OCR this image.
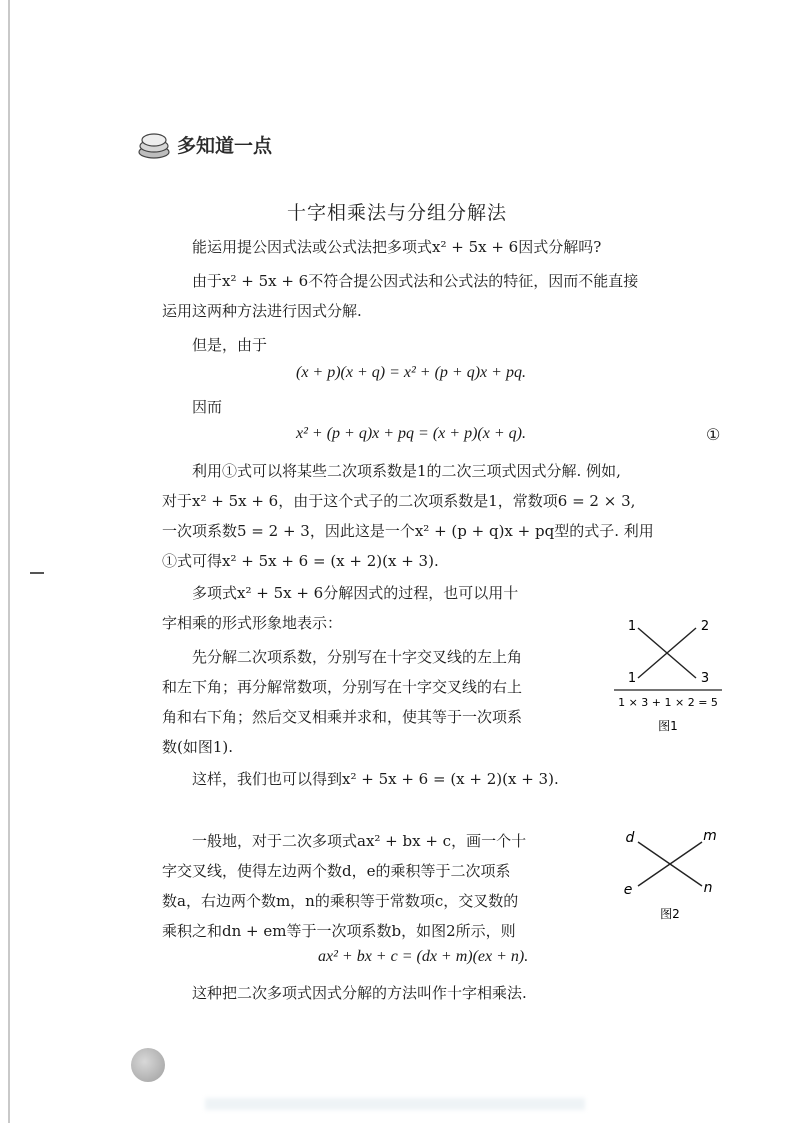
多知道一点
十字相乘法与分组分解法
能运用提公因式法或公式法把多项式x² + 5x + 6因式分解吗?
由于x² + 5x + 6不符合提公因式法和公式法的特征，因而不能直接
运用这两种方法进行因式分解.
但是，由于
(x + p)(x + q) = x² + (p + q)x + pq.
因而
x² + (p + q)x + pq = (x + p)(x + q).	①
利用①式可以将某些二次项系数是1的二次三项式因式分解. 例如,
对于x² + 5x + 6，由于这个式子的二次项系数是1，常数项6 = 2 × 3,
一次项系数5 = 2 + 3，因此这是一个x² + (p + q)x + pq型的式子. 利用
①式可得x² + 5x + 6 = (x + 2)(x + 3).
多项式x² + 5x + 6分解因式的过程，也可以用十
字相乘的形式形象地表示：
先分解二次项系数，分别写在十字交叉线的左上角
和左下角；再分解常数项，分别写在十字交叉线的右上
角和右下角；然后交叉相乘并求和，使其等于一次项系
数(如图1).
这样，我们也可以得到x² + 5x + 6 = (x + 2)(x + 3).
一般地，对于二次多项式ax² + bx + c，画一个十
字交叉线，使得左边两个数d，e的乘积等于二次项系
数a，右边两个数m，n的乘积等于常数项c，交叉数的
乘积之和dn + em等于一次项系数b，如图2所示，则
ax² + bx + c = (dx + m)(ex + n).
这种把二次多项式因式分解的方法叫作十字相乘法.
1	2
1	3
1 × 3 + 1 × 2 = 5
图1
d	m
e	n
图2
